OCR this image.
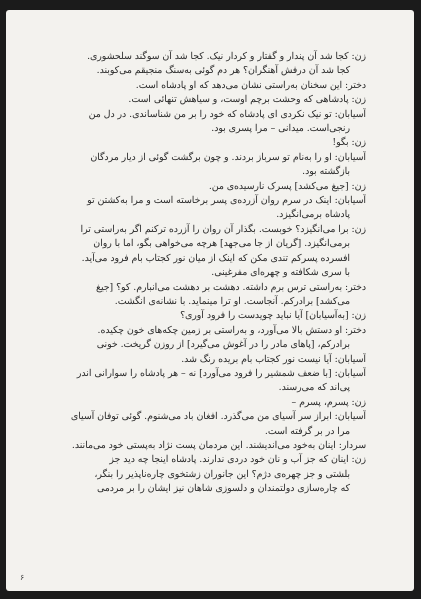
زن: کجا شد آن پندار و گفتار و کردار نیک. کجا شد آن سوگند سلحشوری.
کجا شد آن درفش آهنگران؟ هر دم گوئی به‌سنگ منجیقم می‌کوبند.
دختر: این سخنان به‌راستی نشان می‌دهد که او پادشاه است.
زن: پادشاهی که وحشت برچم اوست، و سیاهش تنهائی است.
آسیابان: تو نیک نکردی ای پادشاه که خود را بر من شناساندی. در دل من
رنجی‌است. میدانی – مرا پسری بود.
زن: بگو!
آسیابان: او را به‌نام تو سرباز بردند. و چون برگشت گوئی از دیار مردگان
بازگشته بود.
زن: [جیغ می‌کشد] پسرک نارسیده‌ی من.
آسیابان: اینک در سرم روان آزرده‌ی پسر برخاسته است و مرا به‌کشتن تو
پادشاه برمی‌انگیزد.
زن: برا می‌انگیزد؟ خوبست. بگذار آن روان را آزرده ترکنم اگر به‌راستی ترا
برمی‌انگیزد. [گریان از جا می‌جهد] هرچه می‌خواهی بگو، اما با روان
افسرده پسرکم تندی مکن که اینک از میان نور کجتاب بام فرود می‌آید.
با سری شکافته و چهره‌ای مفرغینی.
دختر: به‌راستی ترس برم داشته. دهشت بر دهشت می‌انبارم. کو؟ [جیغ
می‌کشد] برادرکم. آنجاست. او ترا مینماید. با نشانه‌ی انگشت.
زن: [به‌آسیابان] آیا نباید چویدست را فرود آوری؟
دختر: او دستش بالا می‌آورد، و به‌راستی بر زمین چکه‌های خون چکیده.
برادرکم، [پاهای مادر را در آغوش می‌گیرد] از روزن گریخت. خونی
آسیابان: آیا نیست نور کجتاب بام بریده رنگ شد.
آسیابان: [با ضعف شمشیر را فرود می‌آورد] نه – هر پادشاه را سوارانی اندر
پی‌اند که می‌رسند.
زن: پسرم، پسرم –
آسیابان: ابراز سر آسیای من می‌گذرد. افغان باد می‌شنوم. گوئی توفان آسیای
مرا در بر گرفته است.
سردار: اینان به‌خود می‌اندیشند. این مردمان پست نژاد به‌پستی خود می‌مانند.
زن: اینان که جز آب و نان خود دردی ندارند. پادشاه اینجا چه دید جز
بلشتی و جز چهره‌ی دژم؟ این جانوران زشتخوی چاره‌ناپذیر را بنگر،
که چاره‌سازی دولتمندان و دلسوزی شاهان نیز ایشان را بر مردمی
۶
